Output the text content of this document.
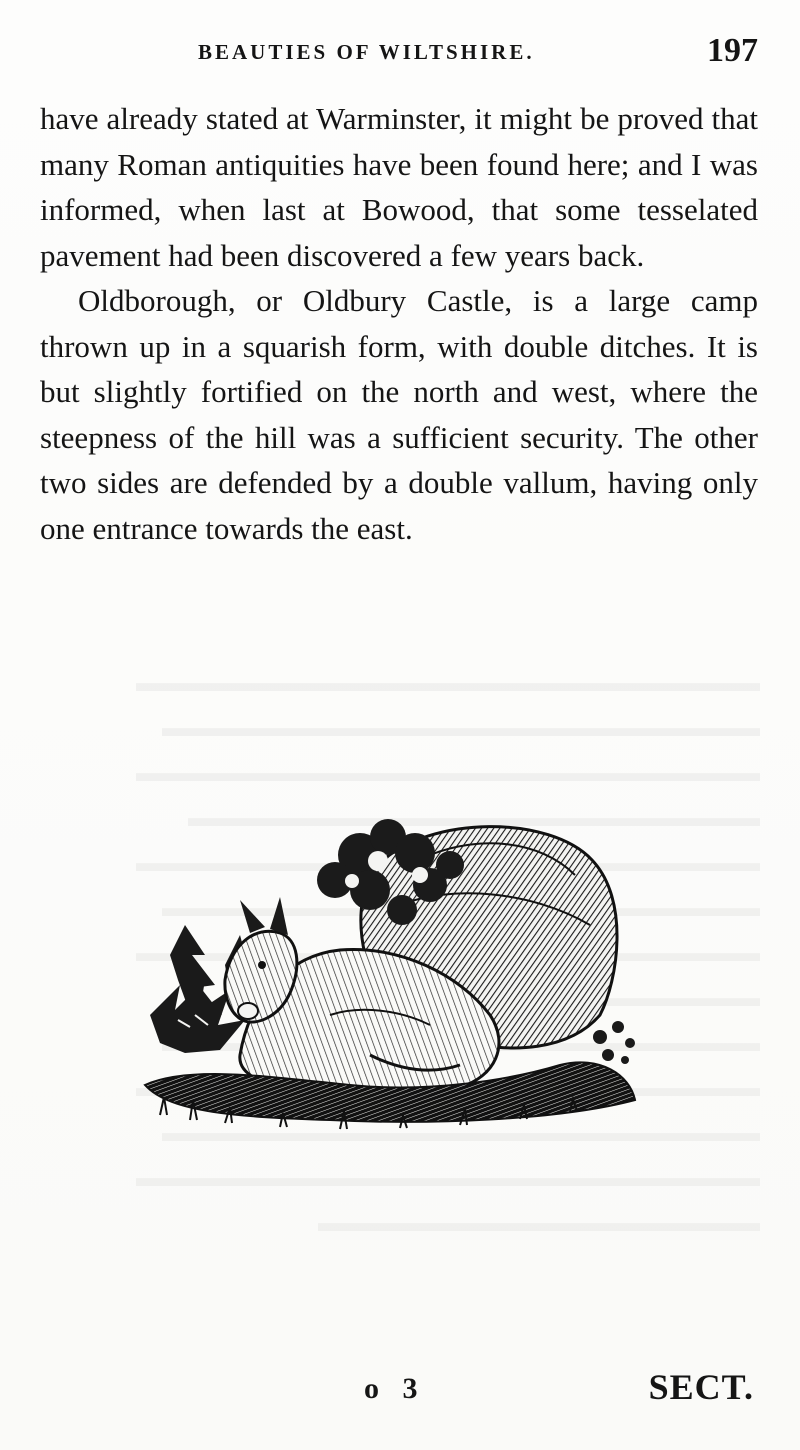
BEAUTIES OF WILTSHIRE.	197

have already stated at Warminster, it might be proved that many Roman antiquities have been found here; and I was informed, when last at Bowood, that some tesselated pavement had been discovered a few years back.

Oldborough, or Oldbury Castle, is a large camp thrown up in a squarish form, with double ditches. It is but slightly fortified on the north and west, where the steepness of the hill was a sufficient security. The other two sides are defended by a double vallum, having only one entrance towards the east.

o 3	SECT.
